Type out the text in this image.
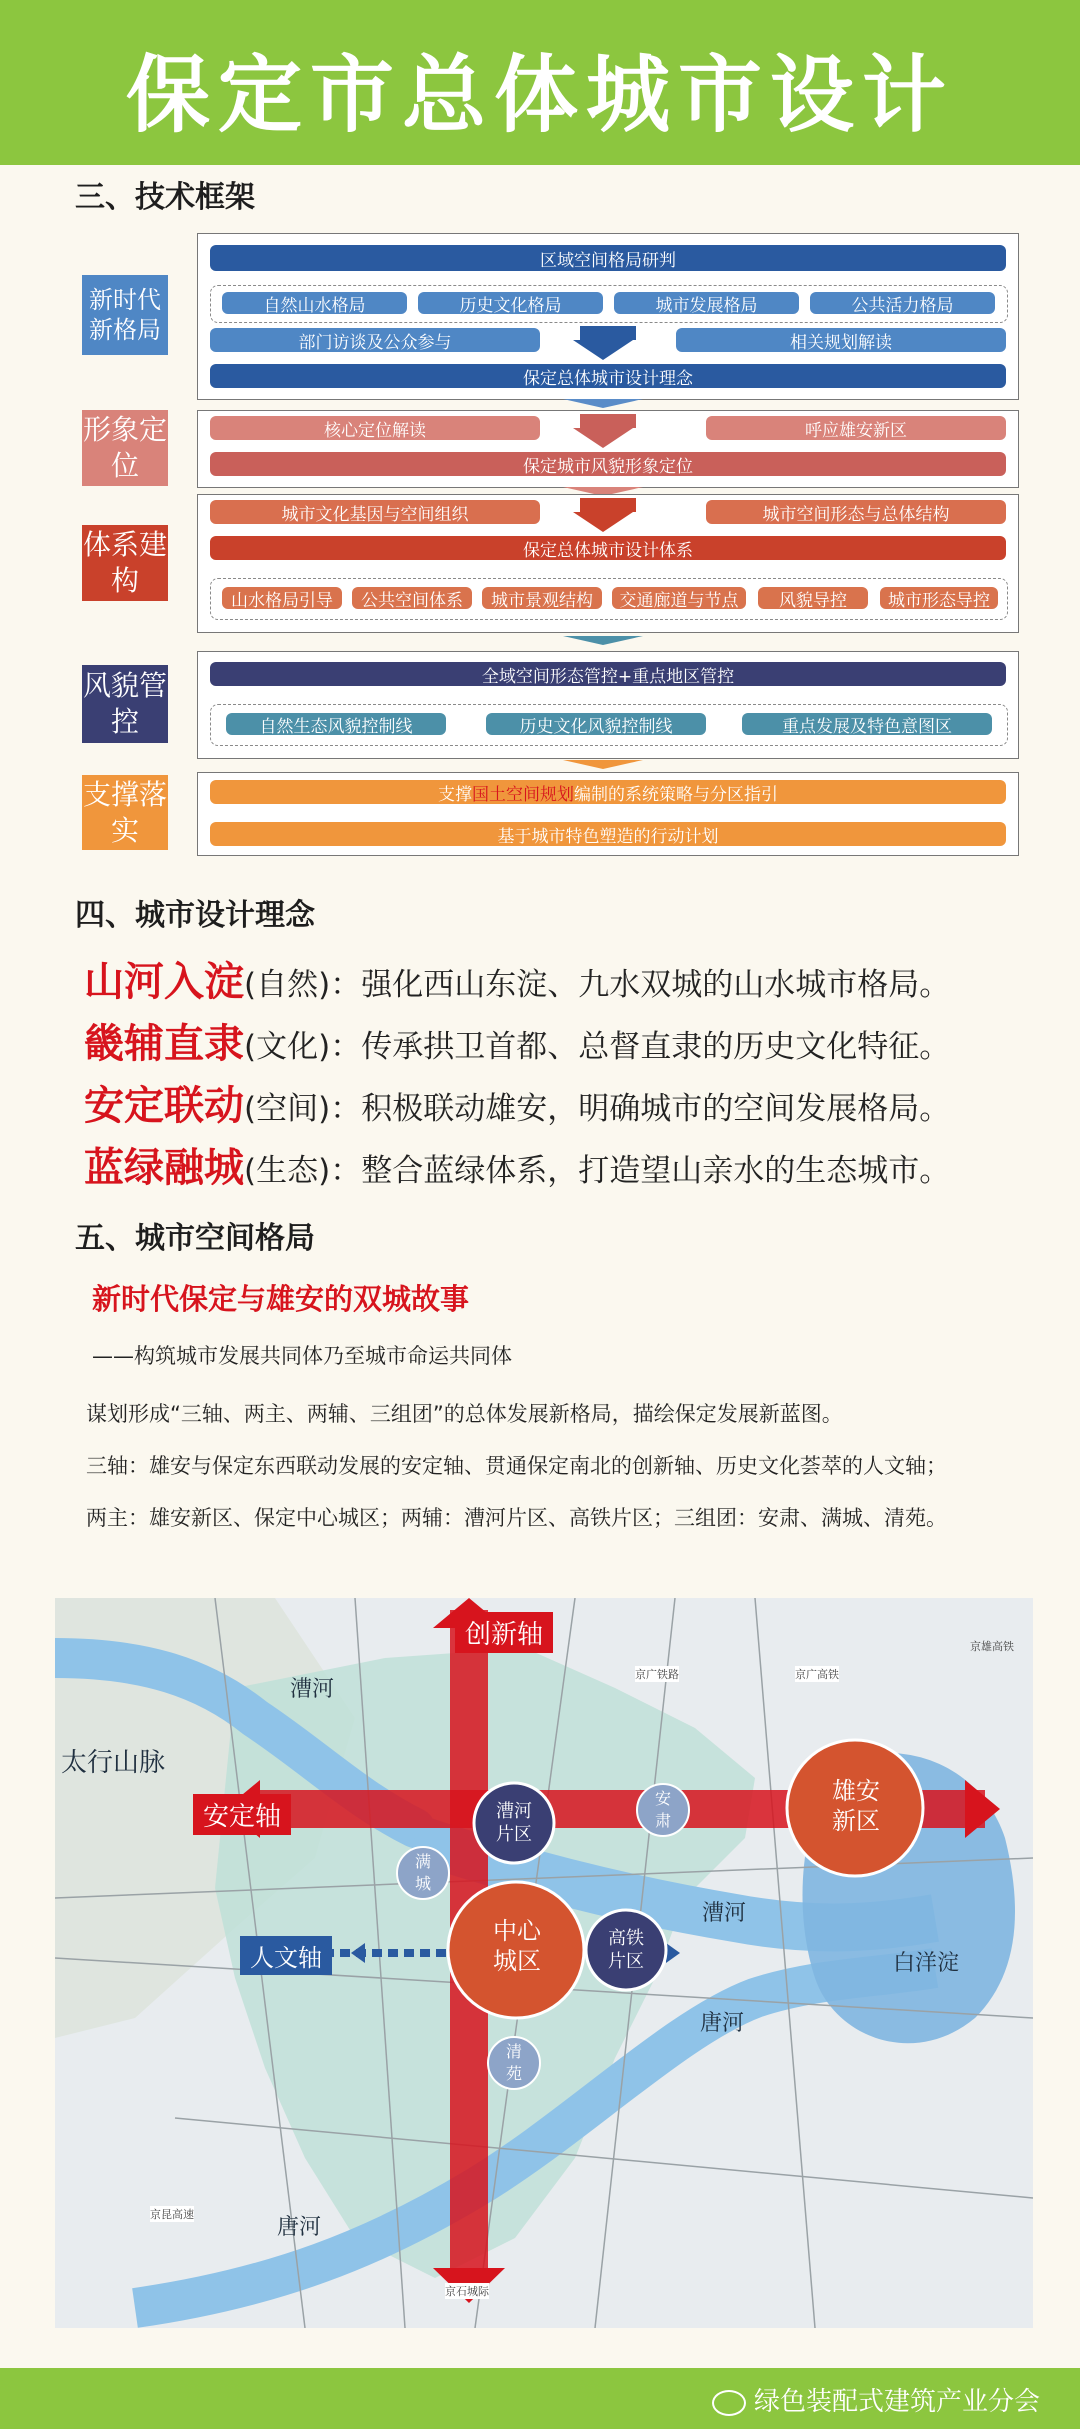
保定市总体城市设计
三、技术框架
新时代新格局
区域空间格局研判
自然山水格局	历史文化格局	城市发展格局	公共活力格局
部门访谈及公众参与	相关规划解读
保定总体城市设计理念
形象定位
核心定位解读	呼应雄安新区
保定城市风貌形象定位
体系建构
城市文化基因与空间组织	城市空间形态与总体结构
保定总体城市设计体系
山水格局引导	公共空间体系	城市景观结构	交通廊道与节点	风貌导控	城市形态导控
风貌管控
全域空间形态管控+重点地区管控
自然生态风貌控制线	历史文化风貌控制线	重点发展及特色意图区
支撑落实
支撑 国土空间规划 编制的系统策略与分区指引
基于城市特色塑造的行动计划
四、城市设计理念
山河入淀(自然)：强化西山东淀、九水双城的山水城市格局。
畿辅直隶(文化)：传承拱卫首都、总督直隶的历史文化特征。
安定联动(空间)：积极联动雄安，明确城市的空间发展格局。
蓝绿融城(生态)：整合蓝绿体系，打造望山亲水的生态城市。
五、城市空间格局
新时代保定与雄安的双城故事
——构筑城市发展共同体乃至城市命运共同体
谋划形成“三轴、两主、两辅、三组团”的总体发展新格局，描绘保定发展新蓝图。
三轴：雄安与保定东西联动发展的安定轴、贯通保定南北的创新轴、历史文化荟萃的人文轴；
两主：雄安新区、保定中心城区；两辅：漕河片区、高铁片区；三组团：安肃、满城、清苑。
创新轴
安定轴
人文轴
太行山脉
漕河
漕河
唐河
唐河
白洋淀
中心城区
雄安新区
漕河片区
高铁片区
满城
安肃
清苑
京雄高铁
京广铁路	京广高铁
京昆高速
京石城际
绿色装配式建筑产业分会
